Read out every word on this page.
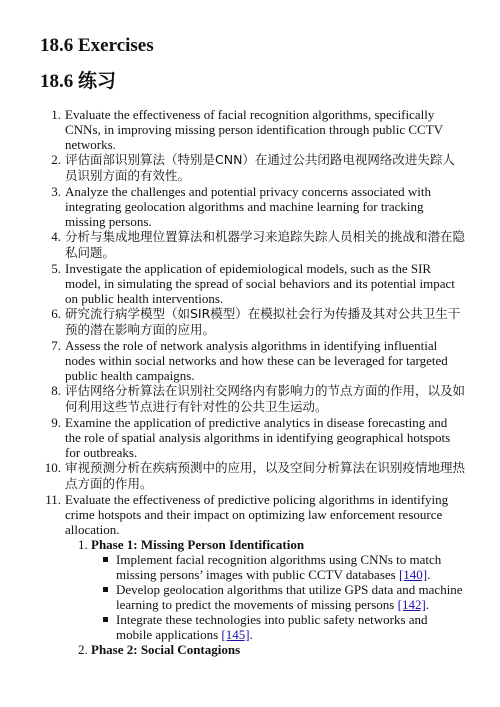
18.6 Exercises
18.6 练习
1. Evaluate the effectiveness of facial recognition algorithms, specifically CNNs, in improving missing person identification through public CCTV networks.
2. 评估面部识别算法（特别是CNN）在通过公共闭路电视网络改进失踪人员识别方面的有效性。
3. Analyze the challenges and potential privacy concerns associated with integrating geolocation algorithms and machine learning for tracking missing persons.
4. 分析与集成地理位置算法和机器学习来追踪失踪人员相关的挑战和潜在隐私问题。
5. Investigate the application of epidemiological models, such as the SIR model, in simulating the spread of social behaviors and its potential impact on public health interventions.
6. 研究流行病学模型（如SIR模型）在模拟社会行为传播及其对公共卫生干预的潜在影响方面的应用。
7. Assess the role of network analysis algorithms in identifying influential nodes within social networks and how these can be leveraged for targeted public health campaigns.
8. 评估网络分析算法在识别社交网络内有影响力的节点方面的作用，以及如何利用这些节点进行有针对性的公共卫生运动。
9. Examine the application of predictive analytics in disease forecasting and the role of spatial analysis algorithms in identifying geographical hotspots for outbreaks.
10. 审视预测分析在疾病预测中的应用，以及空间分析算法在识别疫情地理热点方面的作用。
11. Evaluate the effectiveness of predictive policing algorithms in identifying crime hotspots and their impact on optimizing law enforcement resource allocation.
1. Phase 1: Missing Person Identification
Implement facial recognition algorithms using CNNs to match missing persons’ images with public CCTV databases [140].
Develop geolocation algorithms that utilize GPS data and machine learning to predict the movements of missing persons [142].
Integrate these technologies into public safety networks and mobile applications [145].
2. Phase 2: Social Contagions
